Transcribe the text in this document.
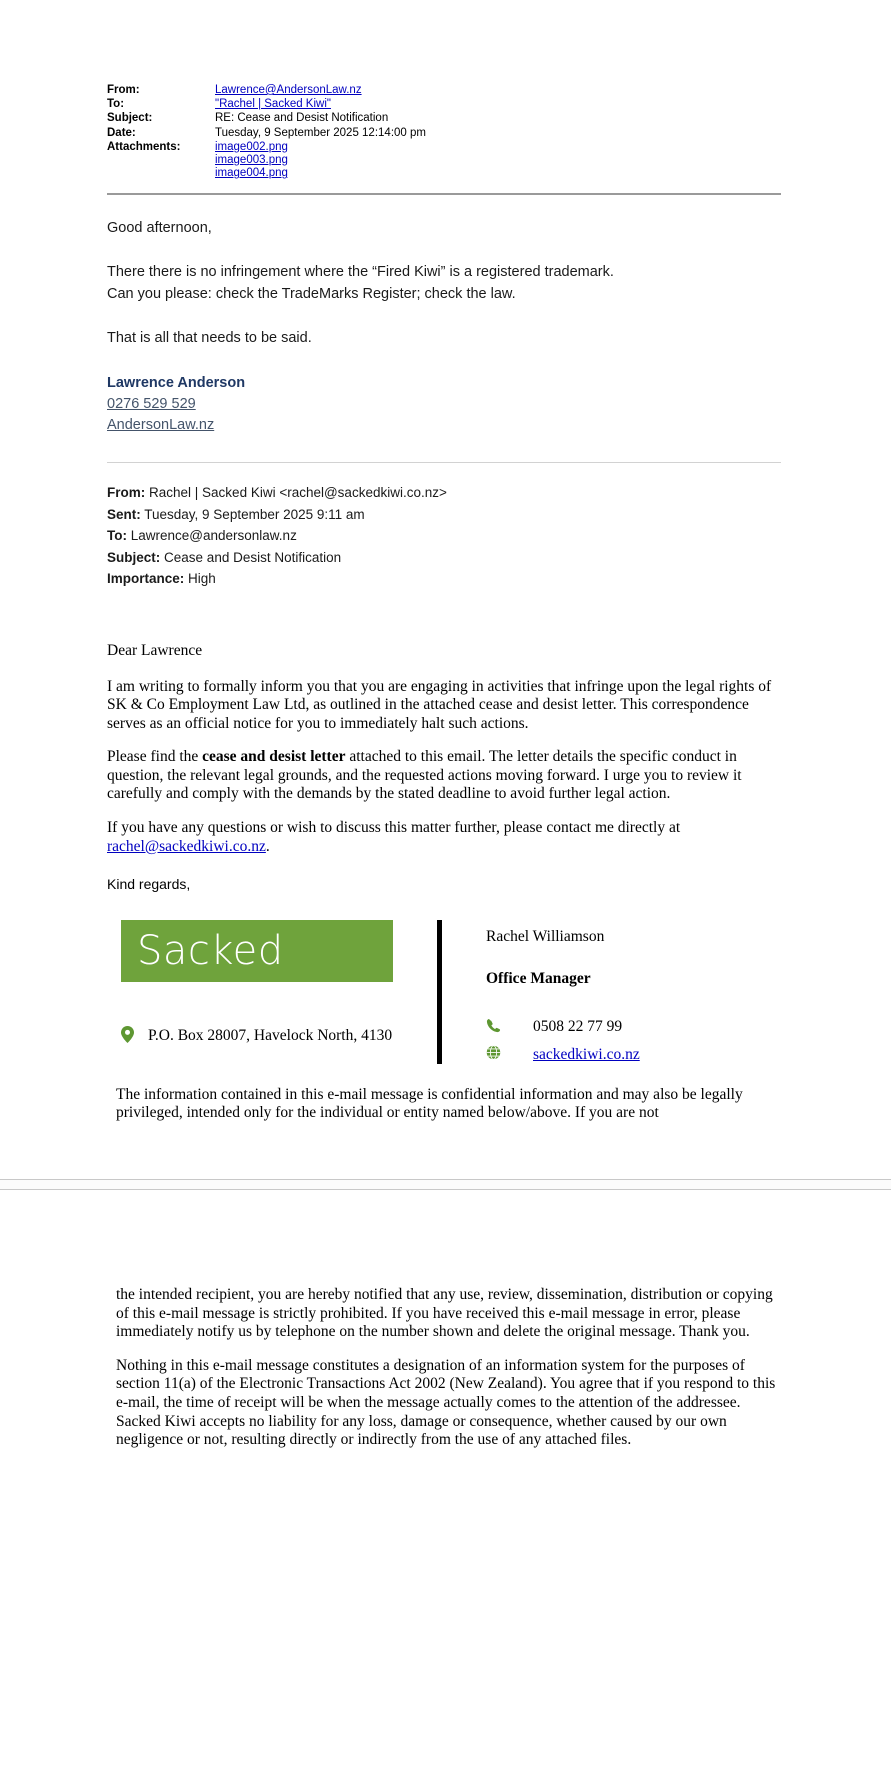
From:	Lawrence@AndersonLaw.nz
To:	"Rachel | Sacked Kiwi"
Subject:	RE: Cease and Desist Notification
Date:	Tuesday, 9 September 2025 12:14:00 pm
Attachments:	image002.png
image003.png
image004.png

Good afternoon,

There there is no infringement where the “Fired Kiwi” is a registered trademark.
Can you please: check the TradeMarks Register; check the law.

That is all that needs to be said.

Lawrence Anderson
0276 529 529
AndersonLaw.nz
From: Rachel | Sacked Kiwi <rachel@sackedkiwi.co.nz>
Sent: Tuesday, 9 September 2025 9:11 am
To: Lawrence@andersonlaw.nz
Subject: Cease and Desist Notification
Importance: High

Dear Lawrence

I am writing to formally inform you that you are engaging in activities that infringe upon the legal rights of SK & Co Employment Law Ltd, as outlined in the attached cease and desist letter. This correspondence serves as an official notice for you to immediately halt such actions.

Please find the cease and desist letter attached to this email. The letter details the specific conduct in question, the relevant legal grounds, and the requested actions moving forward. I urge you to review it carefully and comply with the demands by the stated deadline to avoid further legal action.

If you have any questions or wish to discuss this matter further, please contact me directly at rachel@sackedkiwi.co.nz.

Kind regards,

Sacked
P.O. Box 28007, Havelock North, 4130
Rachel Williamson
Office Manager
0508 22 77 99
sackedkiwi.co.nz

The information contained in this e-mail message is confidential information and may also be legally privileged, intended only for the individual or entity named below/above. If you are not

the intended recipient, you are hereby notified that any use, review, dissemination, distribution or copying of this e-mail message is strictly prohibited. If you have received this e-mail message in error, please immediately notify us by telephone on the number shown and delete the original message. Thank you.

Nothing in this e-mail message constitutes a designation of an information system for the purposes of section 11(a) of the Electronic Transactions Act 2002 (New Zealand). You agree that if you respond to this e-mail, the time of receipt will be when the message actually comes to the attention of the addressee. Sacked Kiwi accepts no liability for any loss, damage or consequence, whether caused by our own negligence or not, resulting directly or indirectly from the use of any attached files.
